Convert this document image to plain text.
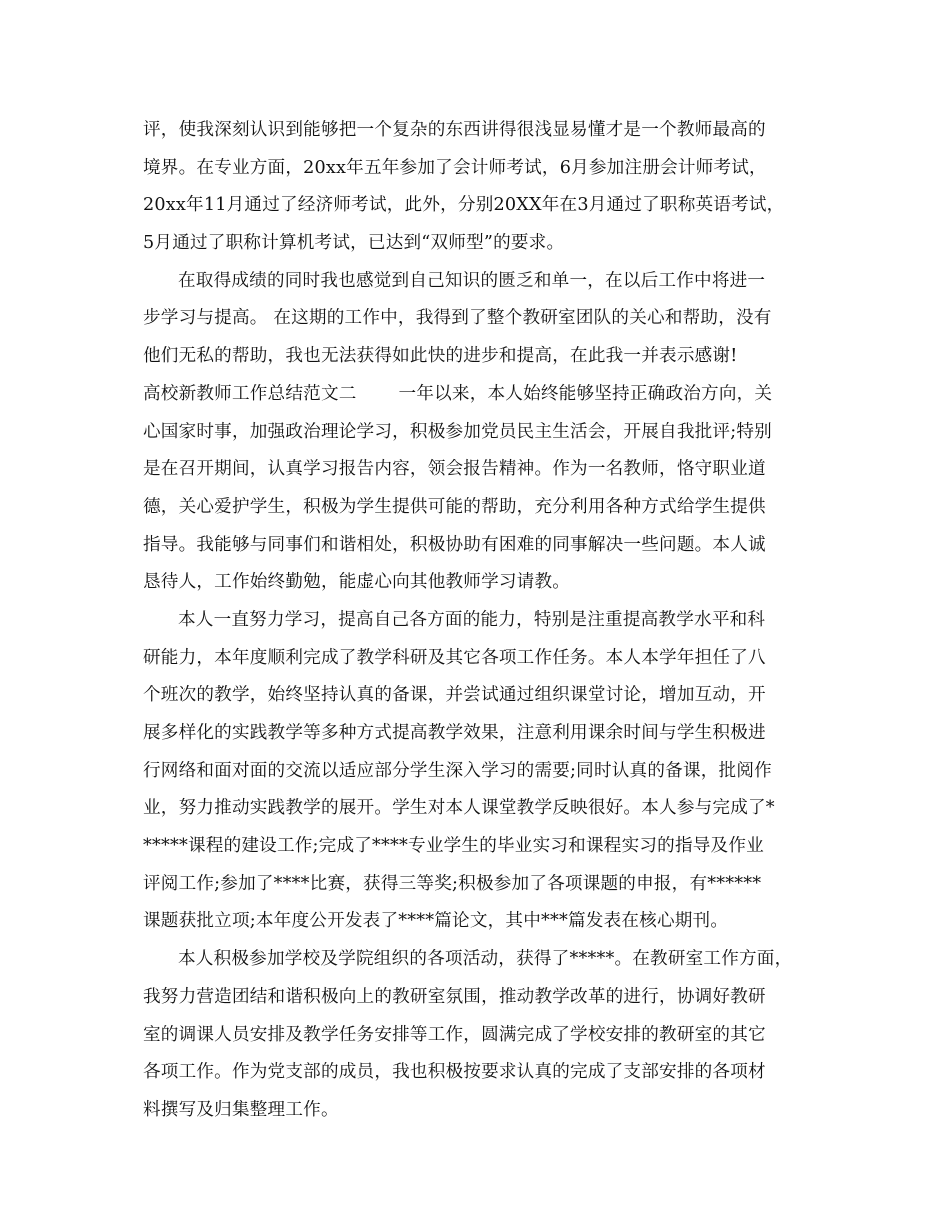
评，使我深刻认识到能够把一个复杂的东西讲得很浅显易懂才是一个教师最高的
境界。在专业方面，20xx年五年参加了会计师考试，6月参加注册会计师考试，
20xx年11月通过了经济师考试，此外，分别20XX年在3月通过了职称英语考试，
5月通过了职称计算机考试，已达到“双师型”的要求。
在取得成绩的同时我也感觉到自己知识的匮乏和单一，在以后工作中将进一
步学习与提高。 在这期的工作中，我得到了整个教研室团队的关心和帮助，没有
他们无私的帮助，我也无法获得如此快的进步和提高，在此我一并表示感谢!
高校新教师工作总结范文二 一年以来，本人始终能够坚持正确政治方向，关
心国家时事，加强政治理论学习，积极参加党员民主生活会，开展自我批评;特别
是在召开期间，认真学习报告内容，领会报告精神。作为一名教师，恪守职业道
德，关心爱护学生，积极为学生提供可能的帮助，充分利用各种方式给学生提供
指导。我能够与同事们和谐相处，积极协助有困难的同事解决一些问题。本人诚
恳待人，工作始终勤勉，能虚心向其他教师学习请教。
本人一直努力学习，提高自己各方面的能力，特别是注重提高教学水平和科
研能力，本年度顺利完成了教学科研及其它各项工作任务。本人本学年担任了八
个班次的教学，始终坚持认真的备课，并尝试通过组织课堂讨论，增加互动，开
展多样化的实践教学等多种方式提高教学效果，注意利用课余时间与学生积极进
行网络和面对面的交流以适应部分学生深入学习的需要;同时认真的备课，批阅作
业，努力推动实践教学的展开。学生对本人课堂教学反映很好。本人参与完成了*
*****课程的建设工作;完成了****专业学生的毕业实习和课程实习的指导及作业
评阅工作;参加了****比赛，获得三等奖;积极参加了各项课题的申报，有******
课题获批立项;本年度公开发表了****篇论文，其中***篇发表在核心期刊。
本人积极参加学校及学院组织的各项活动，获得了*****。在教研室工作方面，
我努力营造团结和谐积极向上的教研室氛围，推动教学改革的进行，协调好教研
室的调课人员安排及教学任务安排等工作，圆满完成了学校安排的教研室的其它
各项工作。作为党支部的成员，我也积极按要求认真的完成了支部安排的各项材
料撰写及归集整理工作。
